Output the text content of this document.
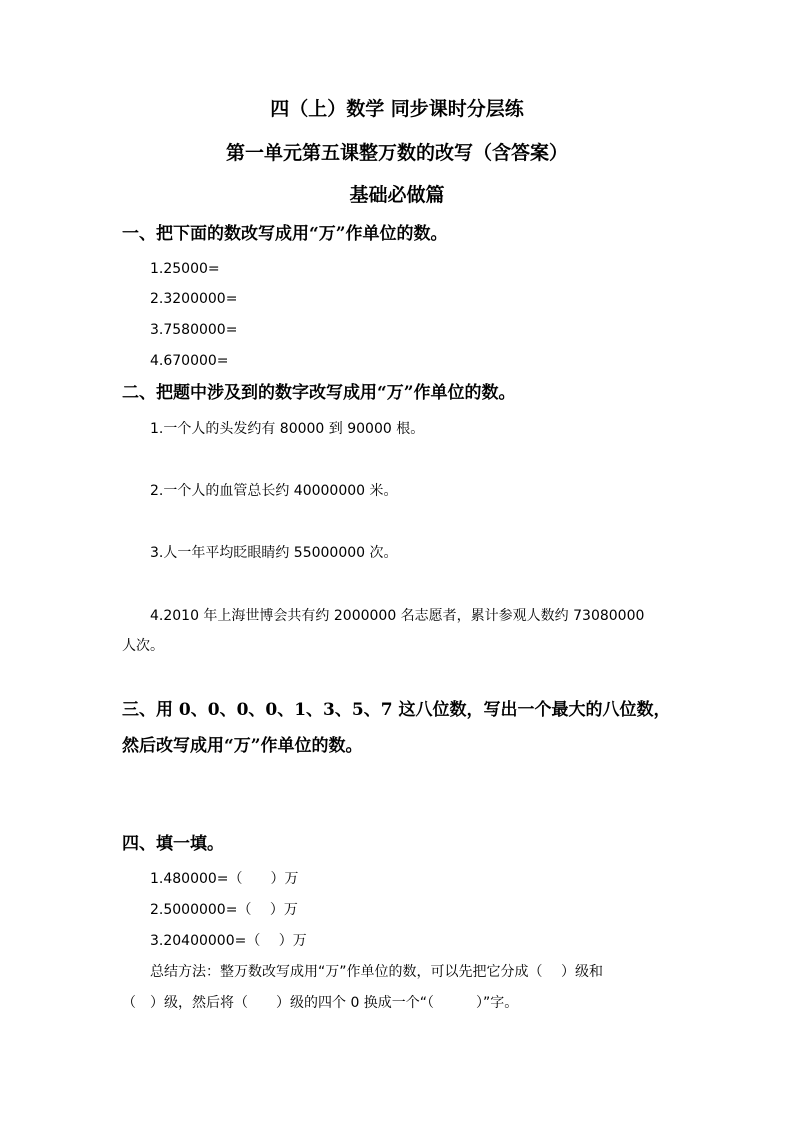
四（上）数学 同步课时分层练
第一单元第五课整万数的改写（含答案）
基础必做篇
一、把下面的数改写成用“万”作单位的数。
1.25000=
2.3200000=
3.7580000=
4.670000=
二、把题中涉及到的数字改写成用“万”作单位的数。
1.一个人的头发约有 80000 到 90000 根。
2.一个人的血管总长约 40000000 米。
3.人一年平均眨眼睛约 55000000 次。
4.2010 年上海世博会共有约 2000000 名志愿者，累计参观人数约 73080000
人次。
三、用 0、0、0、0、1、3、5、7 这八位数，写出一个最大的八位数，
然后改写成用“万”作单位的数。
四、填一填。
1.480000=（　　）万
2.5000000=（　 ）万
3.20400000=（　 ）万
总结方法：整万数改写成用“万”作单位的数，可以先把它分成（　 ）级和
（　）级，然后将（　　）级的四个 0 换成一个“（　　　）”字。
